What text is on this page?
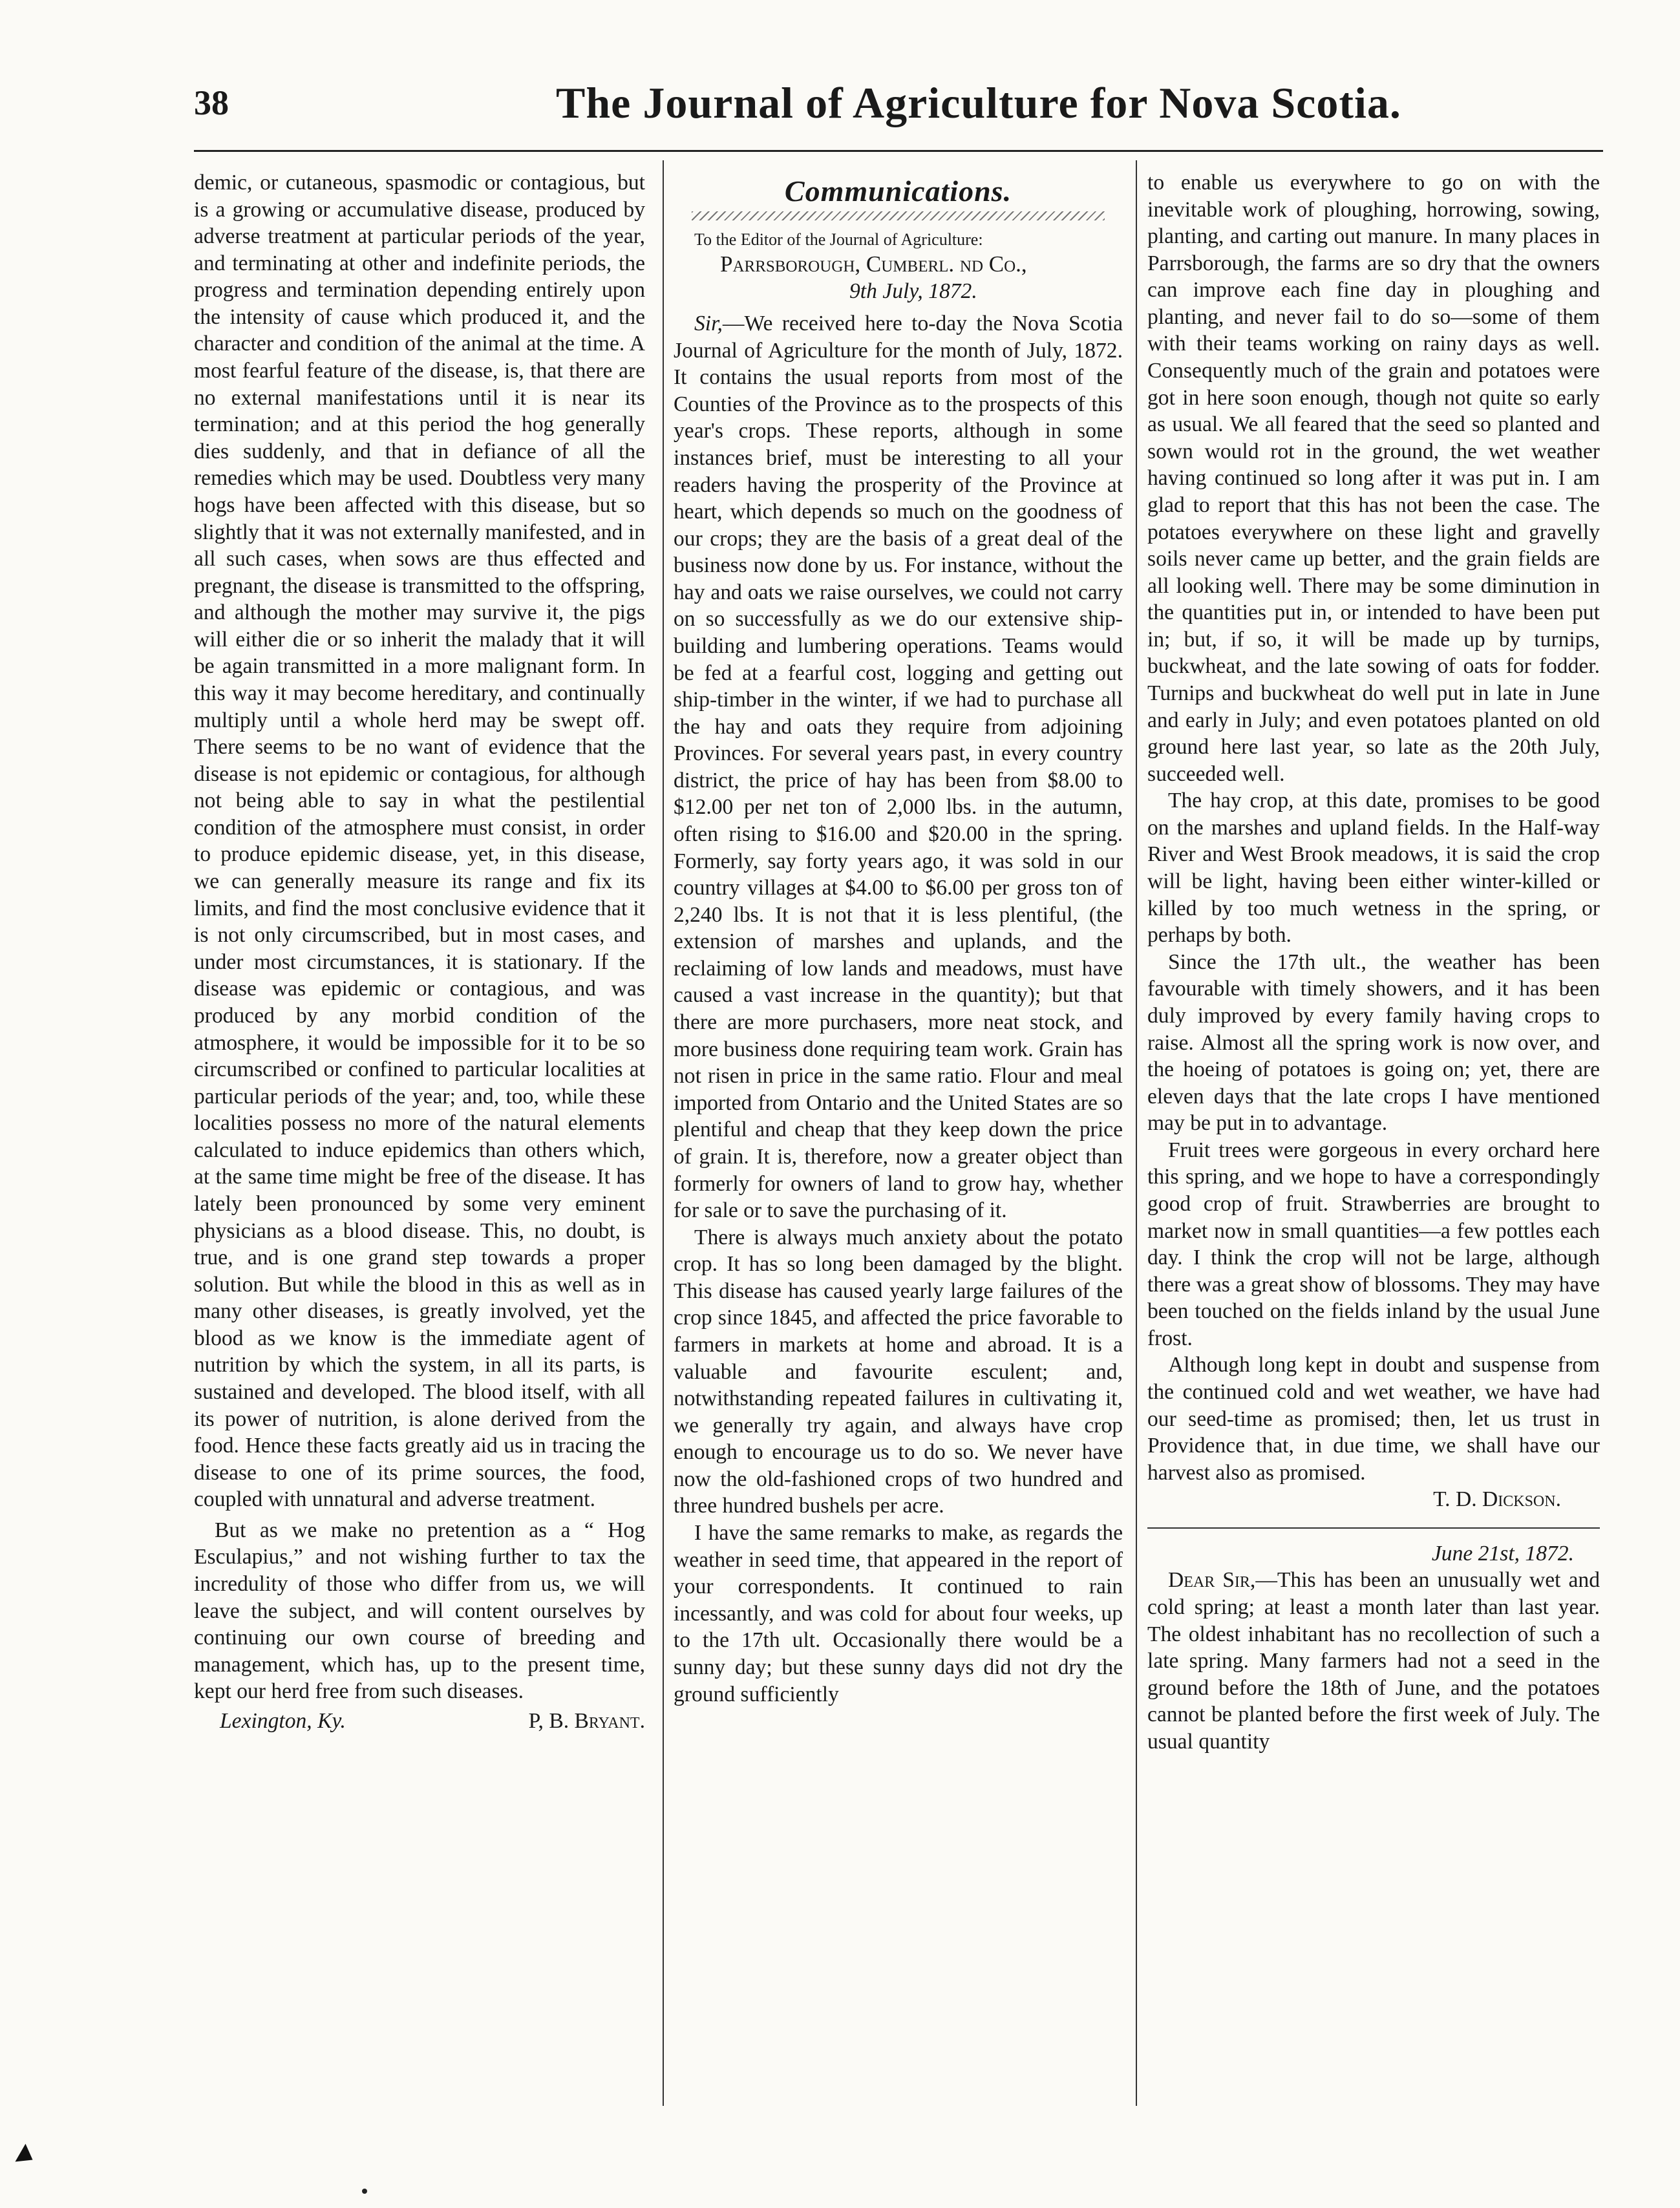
38	The Journal of Agriculture for Nova Scotia.

demic, or cutaneous, spasmodic or contagious, but is a growing or accumulative disease, produced by adverse treatment at particular periods of the year, and terminating at other and indefinite periods, the progress and termination depending entirely upon the intensity of cause which produced it, and the character and condition of the animal at the time. A most fearful feature of the disease, is, that there are no external manifestations until it is near its termination; and at this period the hog generally dies suddenly, and that in defiance of all the remedies which may be used. Doubtless very many hogs have been affected with this disease, but so slightly that it was not externally manifested, and in all such cases, when sows are thus effected and pregnant, the disease is transmitted to the offspring, and although the mother may survive it, the pigs will either die or so inherit the malady that it will be again transmitted in a more malignant form. In this way it may become hereditary, and continually multiply until a whole herd may be swept off. There seems to be no want of evidence that the disease is not epidemic or contagious, for although not being able to say in what the pestilential condition of the atmosphere must consist, in order to produce epidemic disease, yet, in this disease, we can generally measure its range and fix its limits, and find the most conclusive evidence that it is not only circumscribed, but in most cases, and under most circumstances, it is stationary. If the disease was epidemic or contagious, and was produced by any morbid condition of the atmosphere, it would be impossible for it to be so circumscribed or confined to particular localities at particular periods of the year; and, too, while these localities possess no more of the natural elements calculated to induce epidemics than others which, at the same time might be free of the disease. It has lately been pronounced by some very eminent physicians as a blood disease. This, no doubt, is true, and is one grand step towards a proper solution. But while the blood in this as well as in many other diseases, is greatly involved, yet the blood as we know is the immediate agent of nutrition by which the system, in all its parts, is sustained and developed. The blood itself, with all its power of nutrition, is alone derived from the food. Hence these facts greatly aid us in tracing the disease to one of its prime sources, the food, coupled with unnatural and adverse treatment.

But as we make no pretention as a “ Hog Esculapius,” and not wishing further to tax the incredulity of those who differ from us, we will leave the subject, and will content ourselves by continuing our own course of breeding and management, which has, up to the present time, kept our herd free from such diseases.

Lexington, Ky.	P, B. Bryant.
Communications.

To the Editor of the Journal of Agriculture:

Parrsborough, Cumberl. nd Co.,

9th July, 1872.

Sir,—We received here to-day the Nova Scotia Journal of Agriculture for the month of July, 1872. It contains the usual reports from most of the Counties of the Province as to the prospects of this year's crops. These reports, although in some instances brief, must be interesting to all your readers having the prosperity of the Province at heart, which depends so much on the goodness of our crops; they are the basis of a great deal of the business now done by us. For instance, without the hay and oats we raise ourselves, we could not carry on so successfully as we do our extensive ship-building and lumbering operations. Teams would be fed at a fearful cost, logging and getting out ship-timber in the winter, if we had to purchase all the hay and oats they require from adjoining Provinces. For several years past, in every country district, the price of hay has been from $8.00 to $12.00 per net ton of 2,000 lbs. in the autumn, often rising to $16.00 and $20.00 in the spring. Formerly, say forty years ago, it was sold in our country villages at $4.00 to $6.00 per gross ton of 2,240 lbs. It is not that it is less plentiful, (the extension of marshes and uplands, and the reclaiming of low lands and meadows, must have caused a vast increase in the quantity); but that there are more purchasers, more neat stock, and more business done requiring team work. Grain has not risen in price in the same ratio. Flour and meal imported from Ontario and the United States are so plentiful and cheap that they keep down the price of grain. It is, therefore, now a greater object than formerly for owners of land to grow hay, whether for sale or to save the purchasing of it.

There is always much anxiety about the potato crop. It has so long been damaged by the blight. This disease has caused yearly large failures of the crop since 1845, and affected the price favorable to farmers in markets at home and abroad. It is a valuable and favourite esculent; and, notwithstanding repeated failures in cultivating it, we generally try again, and always have crop enough to encourage us to do so. We never have now the old-fashioned crops of two hundred and three hundred bushels per acre.

I have the same remarks to make, as regards the weather in seed time, that appeared in the report of your correspondents. It continued to rain incessantly, and was cold for about four weeks, up to the 17th ult. Occasionally there would be a sunny day; but these sunny days did not dry the ground sufficiently

to enable us everywhere to go on with the inevitable work of ploughing, horrowing, sowing, planting, and carting out manure. In many places in Parrsborough, the farms are so dry that the owners can improve each fine day in ploughing and planting, and never fail to do so—some of them with their teams working on rainy days as well. Consequently much of the grain and potatoes were got in here soon enough, though not quite so early as usual. We all feared that the seed so planted and sown would rot in the ground, the wet weather having continued so long after it was put in. I am glad to report that this has not been the case. The potatoes everywhere on these light and gravelly soils never came up better, and the grain fields are all looking well. There may be some diminution in the quantities put in, or intended to have been put in; but, if so, it will be made up by turnips, buckwheat, and the late sowing of oats for fodder. Turnips and buckwheat do well put in late in June and early in July; and even potatoes planted on old ground here last year, so late as the 20th July, succeeded well.

The hay crop, at this date, promises to be good on the marshes and upland fields. In the Half-way River and West Brook meadows, it is said the crop will be light, having been either winter-killed or killed by too much wetness in the spring, or perhaps by both.

Since the 17th ult., the weather has been favourable with timely showers, and it has been duly improved by every family having crops to raise. Almost all the spring work is now over, and the hoeing of potatoes is going on; yet, there are eleven days that the late crops I have mentioned may be put in to advantage.

Fruit trees were gorgeous in every orchard here this spring, and we hope to have a correspondingly good crop of fruit. Strawberries are brought to market now in small quantities—a few pottles each day. I think the crop will not be large, although there was a great show of blossoms. They may have been touched on the fields inland by the usual June frost.

Although long kept in doubt and suspense from the continued cold and wet weather, we have had our seed-time as promised; then, let us trust in Providence that, in due time, we shall have our harvest also as promised.

T. D. Dickson.

June 21st, 1872.

Dear Sir,—This has been an unusually wet and cold spring; at least a month later than last year. The oldest inhabitant has no recollection of such a late spring. Many farmers had not a seed in the ground before the 18th of June, and the potatoes cannot be planted before the first week of July. The usual quantity
